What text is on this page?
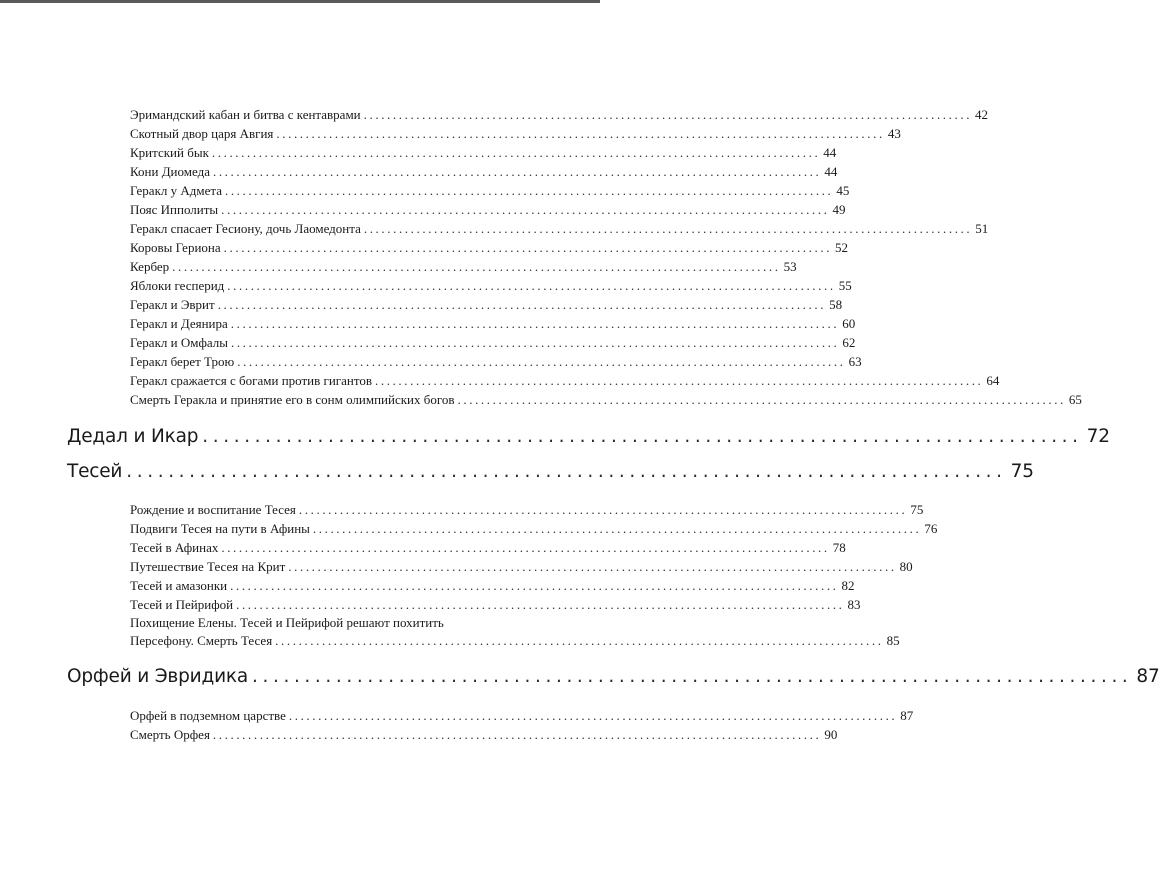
Эримандский кабан и битва с кентаврами ........................................................................................................ 42
Скотный двор царя Авгия ........................................................................................................ 43
Критский бык ........................................................................................................ 44
Кони Диомеда ........................................................................................................ 44
Геракл у Адмета ........................................................................................................ 45
Пояс Ипполиты ........................................................................................................ 49
Геракл спасает Гесиону, дочь Лаомедонта ........................................................................................................ 51
Коровы Гериона ........................................................................................................ 52
Кербер ........................................................................................................ 53
Яблоки гесперид ........................................................................................................ 55
Геракл и Эврит ........................................................................................................ 58
Геракл и Деянира ........................................................................................................ 60
Геракл и Омфалы ........................................................................................................ 62
Геракл берет Трою ........................................................................................................ 63
Геракл сражается с богами против гигантов ........................................................................................................ 64
Смерть Геракла и принятие его в сонм олимпийских богов ........................................................................................................ 65
Дедал и Икар .................................................................................... 72
Тесей .................................................................................... 75
Рождение и воспитание Тесея ........................................................................................................ 75
Подвиги Тесея на пути в Афины ........................................................................................................ 76
Тесей в Афинах ........................................................................................................ 78
Путешествие Тесея на Крит ........................................................................................................ 80
Тесей и амазонки ........................................................................................................ 82
Тесей и Пейрифой ........................................................................................................ 83
Похищение Елены. Тесей и Пейрифой решают похитить
Персефону. Смерть Тесея ........................................................................................................ 85
Орфей и Эвридика .................................................................................... 87
Орфей в подземном царстве ........................................................................................................ 87
Смерть Орфея ........................................................................................................ 90
